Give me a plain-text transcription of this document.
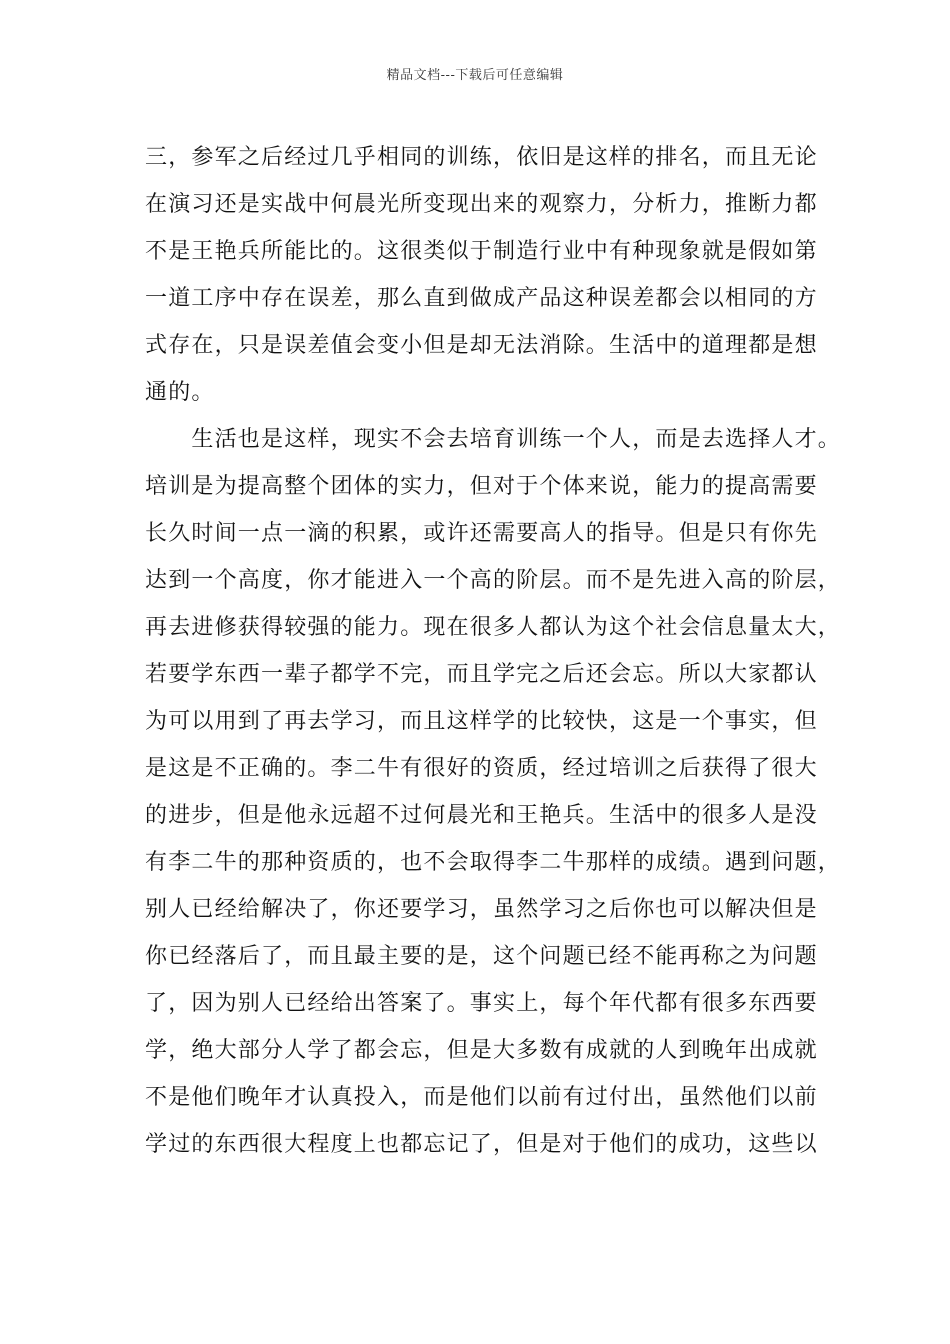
精品文档---下载后可任意编辑
三，参军之后经过几乎相同的训练，依旧是这样的排名，而且无论
在演习还是实战中何晨光所变现出来的观察力，分析力，推断力都
不是王艳兵所能比的。这很类似于制造行业中有种现象就是假如第
一道工序中存在误差，那么直到做成产品这种误差都会以相同的方
式存在，只是误差值会变小但是却无法消除。生活中的道理都是想
通的。
　　生活也是这样，现实不会去培育训练一个人，而是去选择人才。
培训是为提高整个团体的实力，但对于个体来说，能力的提高需要
长久时间一点一滴的积累，或许还需要高人的指导。但是只有你先
达到一个高度，你才能进入一个高的阶层。而不是先进入高的阶层，
再去进修获得较强的能力。现在很多人都认为这个社会信息量太大，
若要学东西一辈子都学不完，而且学完之后还会忘。所以大家都认
为可以用到了再去学习，而且这样学的比较快，这是一个事实，但
是这是不正确的。李二牛有很好的资质，经过培训之后获得了很大
的进步，但是他永远超不过何晨光和王艳兵。生活中的很多人是没
有李二牛的那种资质的，也不会取得李二牛那样的成绩。遇到问题，
别人已经给解决了，你还要学习，虽然学习之后你也可以解决但是
你已经落后了，而且最主要的是，这个问题已经不能再称之为问题
了，因为别人已经给出答案了。事实上，每个年代都有很多东西要
学，绝大部分人学了都会忘，但是大多数有成就的人到晚年出成就
不是他们晚年才认真投入，而是他们以前有过付出，虽然他们以前
学过的东西很大程度上也都忘记了，但是对于他们的成功，这些以
